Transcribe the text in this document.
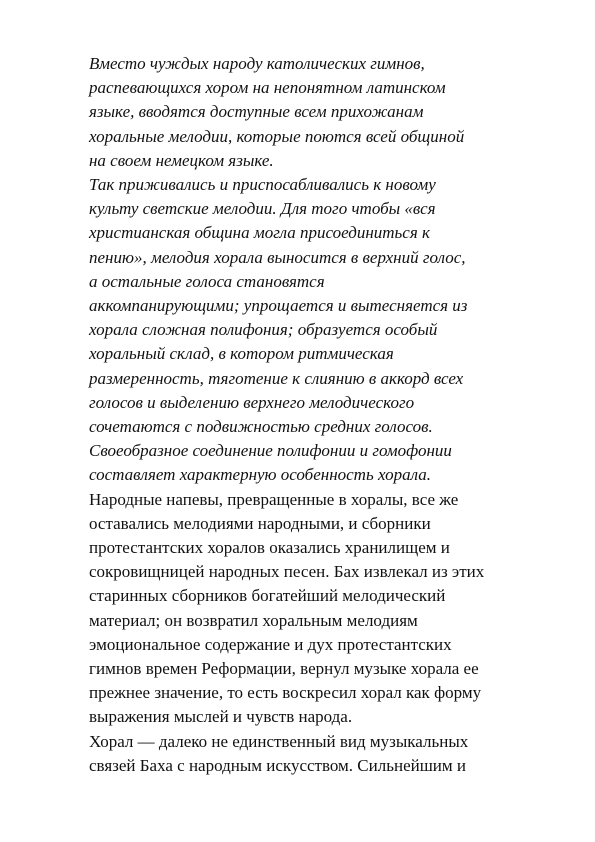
Вместо чуждых народу католических гимнов,
распевающихся хором на непонятном латинском
языке, вводятся доступные всем прихожанам
хоральные мелодии, которые поются всей общиной
на своем немецком языке.
Так приживались и приспосабливались к новому
культу светские мелодии. Для того чтобы «вся
христианская община могла присоединиться к
пению», мелодия хорала выносится в верхний голос,
а остальные голоса становятся
аккомпанирующими; упрощается и вытесняется из
хорала сложная полифония; образуется особый
хоральный склад, в котором ритмическая
размеренность, тяготение к слиянию в аккорд всех
голосов и выделению верхнего мелодического
сочетаются с подвижностью средних голосов.
Своеобразное соединение полифонии и гомофонии
составляет характерную особенность хорала.
Народные напевы, превращенные в хоралы, все же
оставались мелодиями народными, и сборники
протестантских хоралов оказались хранилищем и
сокровищницей народных песен. Бах извлекал из этих
старинных сборников богатейший мелодический
материал; он возвратил хоральным мелодиям
эмоциональное содержание и дух протестантских
гимнов времен Реформации, вернул музыке хорала ее
прежнее значение, то есть воскресил хорал как форму
выражения мыслей и чувств народа.
Хорал — далеко не единственный вид музыкальных
связей Баха с народным искусством. Сильнейшим и
